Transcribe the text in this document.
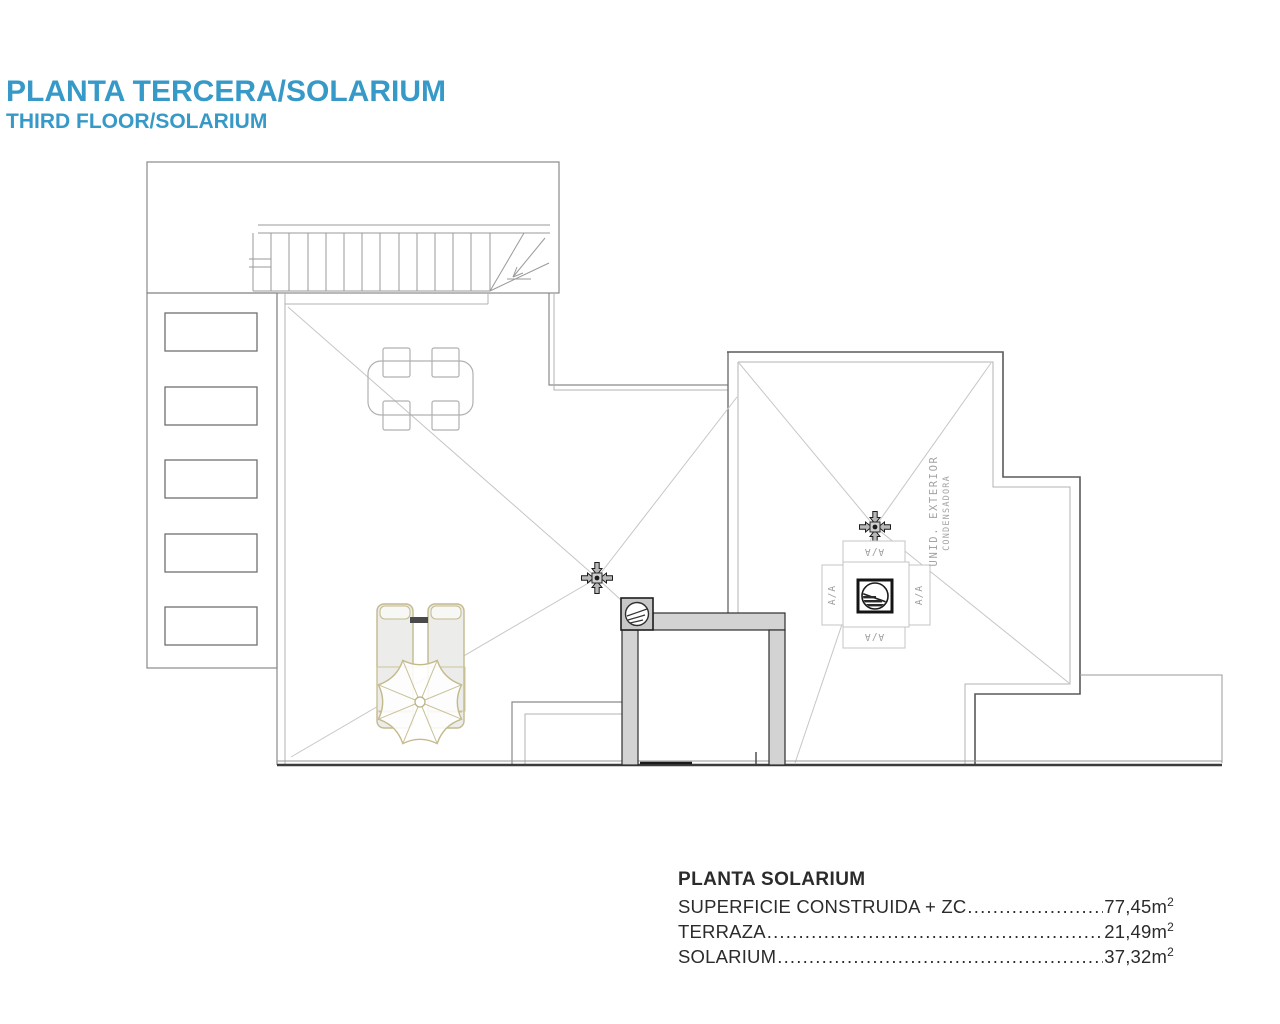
PLANTA TERCERA/SOLARIUM
THIRD FLOOR/SOLARIUM
A/A
A/A
A/A	A/A
UNID. EXTERIOR CONDENSADORA
PLANTA SOLARIUM
SUPERFICIE CONSTRUIDA + ZC .....	$77,45m^2$
TERRAZA .....	$21,49m^2$
SOLARIUM .....	$37,32m^2$
